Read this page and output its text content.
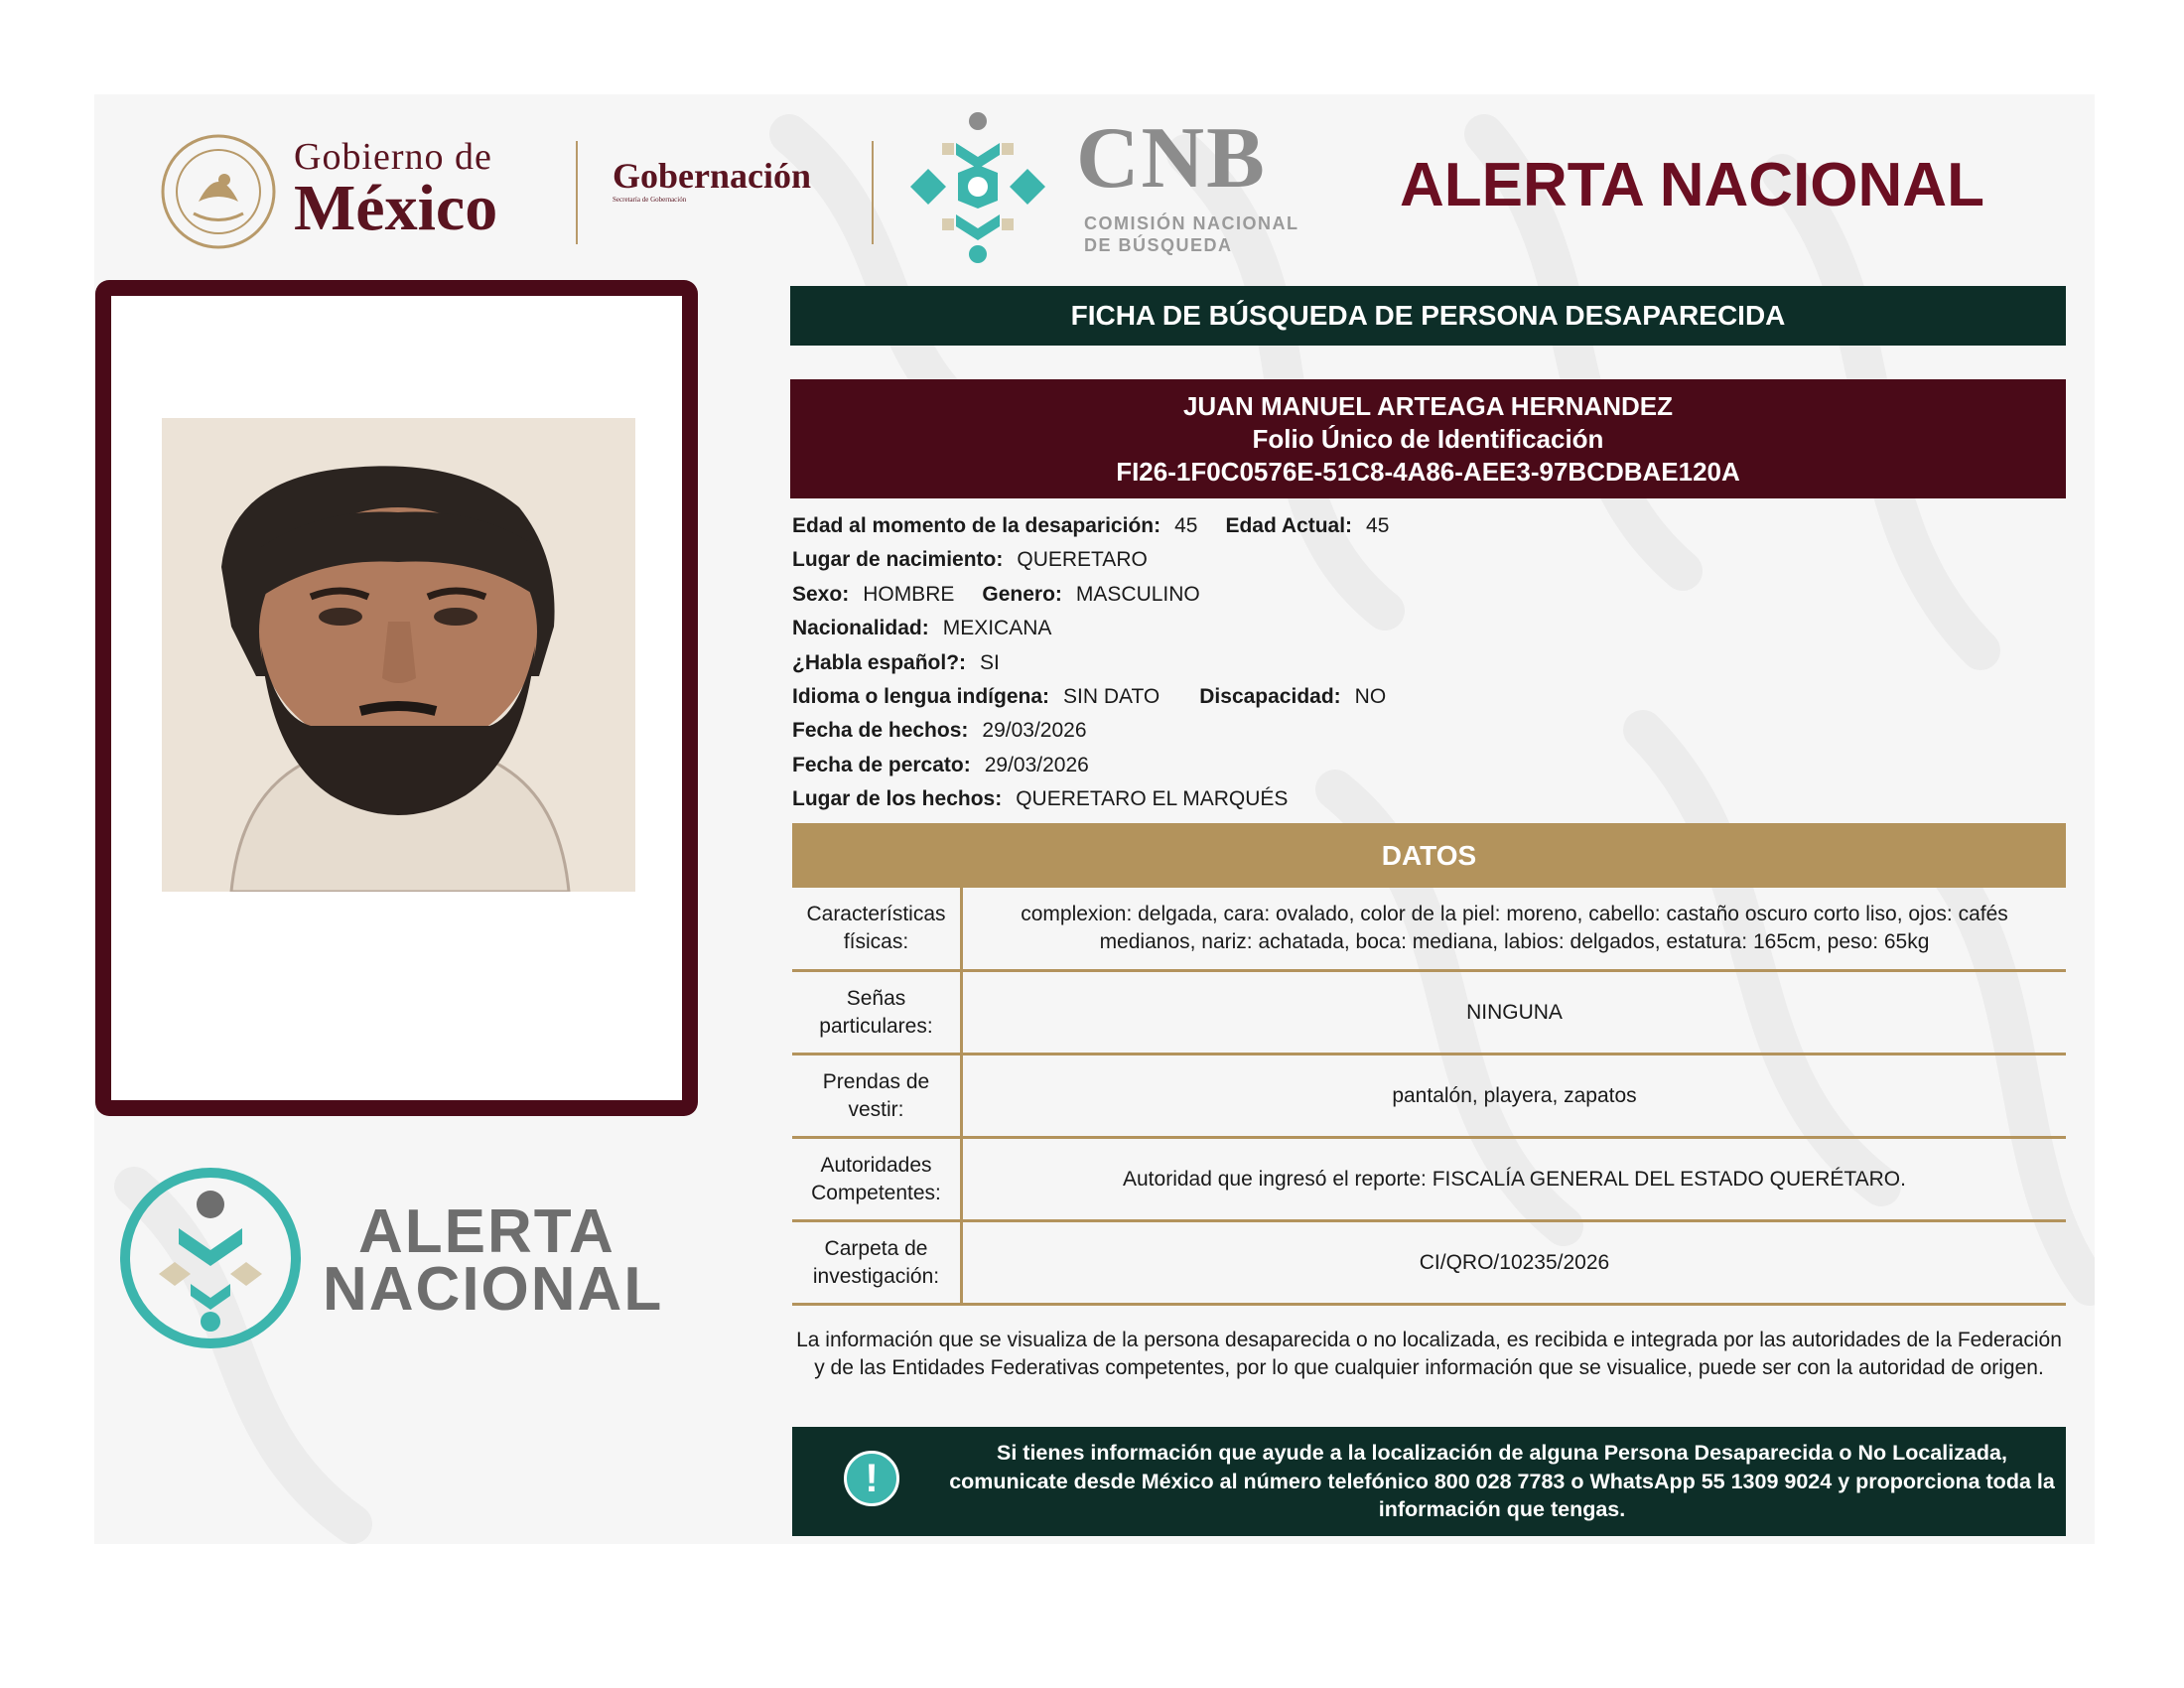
Gobierno de
México	Gobernación
Secretaría de Gobernación	CNB
COMISIÓN NACIONAL
DE BÚSQUEDA
ALERTA NACIONAL
ALERTA
NACIONAL
FICHA DE BÚSQUEDA DE PERSONA DESAPARECIDA
JUAN MANUEL ARTEAGA HERNANDEZ
Folio Único de Identificación
FI26-1F0C0576E-51C8-4A86-AEE3-97BCDBAE120A
Edad al momento de la desaparición: 45 Edad Actual: 45
Lugar de nacimiento: QUERETARO
Sexo: HOMBRE Genero: MASCULINO
Nacionalidad: MEXICANA
¿Habla español?: SI
Idioma o lengua indígena: SIN DATO Discapacidad: NO
Fecha de hechos: 29/03/2026
Fecha de percato: 29/03/2026
Lugar de los hechos: QUERETARO EL MARQUÉS
DATOS
Características físicas:
complexion: delgada, cara: ovalado, color de la piel: moreno, cabello: castaño oscuro corto liso, ojos: cafés medianos, nariz: achatada, boca: mediana, labios: delgados, estatura: 165cm, peso: 65kg
Señas particulares:
NINGUNA
Prendas de vestir:
pantalón, playera, zapatos
Autoridades Competentes:
Autoridad que ingresó el reporte: FISCALÍA GENERAL DEL ESTADO QUERÉTARO.
Carpeta de investigación:
CI/QRO/10235/2026
La información que se visualiza de la persona desaparecida o no localizada, es recibida e integrada por las autoridades de la Federación y de las Entidades Federativas competentes, por lo que cualquier información que se visualice, puede ser con la autoridad de origen.
!
Si tienes información que ayude a la localización de alguna Persona Desaparecida o No Localizada, comunicate desde México al número telefónico 800 028 7783 o WhatsApp 55 1309 9024 y proporciona toda la información que tengas.
